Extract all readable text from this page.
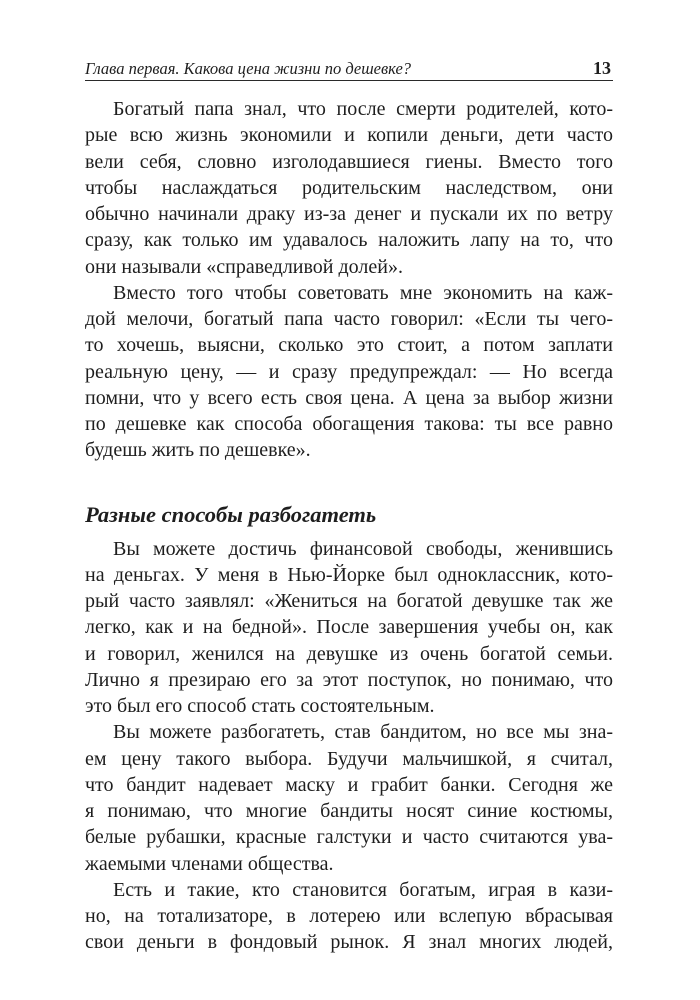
Глава первая. Какова цена жизни по дешевке?	13
Богатый папа знал, что после смерти родителей, кото-
рые всю жизнь экономили и копили деньги, дети часто
вели себя, словно изголодавшиеся гиены. Вместо того
чтобы наслаждаться родительским наследством, они
обычно начинали драку из-за денег и пускали их по ветру
сразу, как только им удавалось наложить лапу на то, что
они называли «справедливой долей».
Вместо того чтобы советовать мне экономить на каж-
дой мелочи, богатый папа часто говорил: «Если ты чего-
то хочешь, выясни, сколько это стоит, а потом заплати
реальную цену, — и сразу предупреждал: — Но всегда
помни, что у всего есть своя цена. А цена за выбор жизни
по дешевке как способа обогащения такова: ты все равно
будешь жить по дешевке».
Разные способы разбогатеть
Вы можете достичь финансовой свободы, женившись
на деньгах. У меня в Нью-Йорке был одноклассник, кото-
рый часто заявлял: «Жениться на богатой девушке так же
легко, как и на бедной». После завершения учебы он, как
и говорил, женился на девушке из очень богатой семьи.
Лично я презираю его за этот поступок, но понимаю, что
это был его способ стать состоятельным.
Вы можете разбогатеть, став бандитом, но все мы зна-
ем цену такого выбора. Будучи мальчишкой, я считал,
что бандит надевает маску и грабит банки. Сегодня же
я понимаю, что многие бандиты носят синие костюмы,
белые рубашки, красные галстуки и часто считаются ува-
жаемыми членами общества.
Есть и такие, кто становится богатым, играя в кази-
но, на тотализаторе, в лотерею или вслепую вбрасывая
свои деньги в фондовый рынок. Я знал многих людей,
